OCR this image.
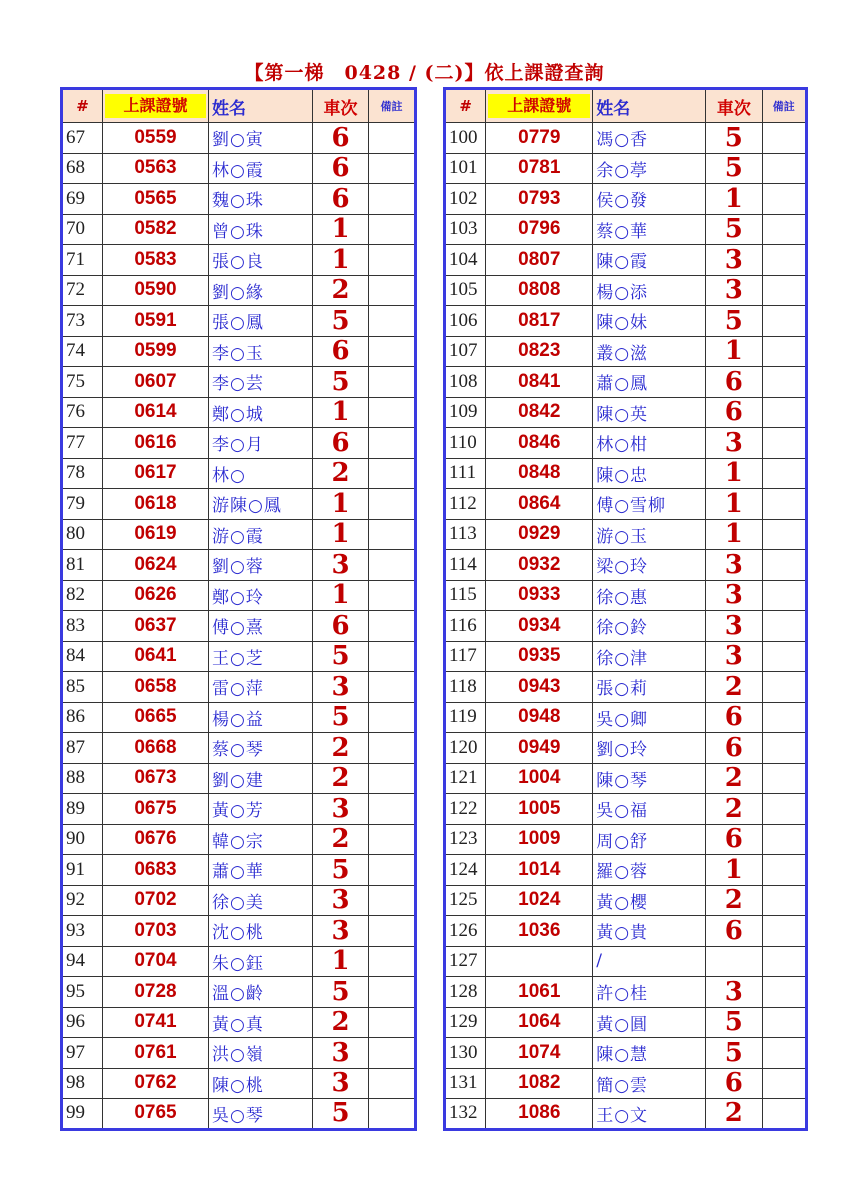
【第一梯　0428 / (二)】依上課證查詢
#	上課證號	姓名	車次	備註
67	0559	劉○寅	6	
68	0563	林○霞	6	
69	0565	魏○珠	6	
70	0582	曾○珠	1	
71	0583	張○良	1	
72	0590	劉○緣	2	
73	0591	張○鳳	5	
74	0599	李○玉	6	
75	0607	李○芸	5	
76	0614	鄭○城	1	
77	0616	李○月	6	
78	0617	林○	2	
79	0618	游陳○鳳	1	
80	0619	游○霞	1	
81	0624	劉○蓉	3	
82	0626	鄭○玲	1	
83	0637	傅○熹	6	
84	0641	王○芝	5	
85	0658	雷○萍	3	
86	0665	楊○益	5	
87	0668	蔡○琴	2	
88	0673	劉○建	2	
89	0675	黃○芳	3	
90	0676	韓○宗	2	
91	0683	蕭○華	5	
92	0702	徐○美	3	
93	0703	沈○桃	3	
94	0704	朱○鈺	1	
95	0728	溫○齡	5	
96	0741	黃○真	2	
97	0761	洪○嶺	3	
98	0762	陳○桃	3	
99	0765	吳○琴	5	
#	上課證號	姓名	車次	備註
100	0779	馮○香	5	
101	0781	余○葶	5	
102	0793	侯○發	1	
103	0796	蔡○華	5	
104	0807	陳○霞	3	
105	0808	楊○添	3	
106	0817	陳○妹	5	
107	0823	叢○滋	1	
108	0841	蕭○鳳	6	
109	0842	陳○英	6	
110	0846	林○柑	3	
111	0848	陳○忠	1	
112	0864	傅○雪柳	1	
113	0929	游○玉	1	
114	0932	梁○玲	3	
115	0933	徐○惠	3	
116	0934	徐○鈴	3	
117	0935	徐○津	3	
118	0943	張○莉	2	
119	0948	吳○卿	6	
120	0949	劉○玲	6	
121	1004	陳○琴	2	
122	1005	吳○福	2	
123	1009	周○舒	6	
124	1014	羅○蓉	1	
125	1024	黃○櫻	2	
126	1036	黃○貴	6	
127		/		
128	1061	許○桂	3	
129	1064	黃○圓	5	
130	1074	陳○慧	5	
131	1082	簡○雲	6	
132	1086	王○文	2	
